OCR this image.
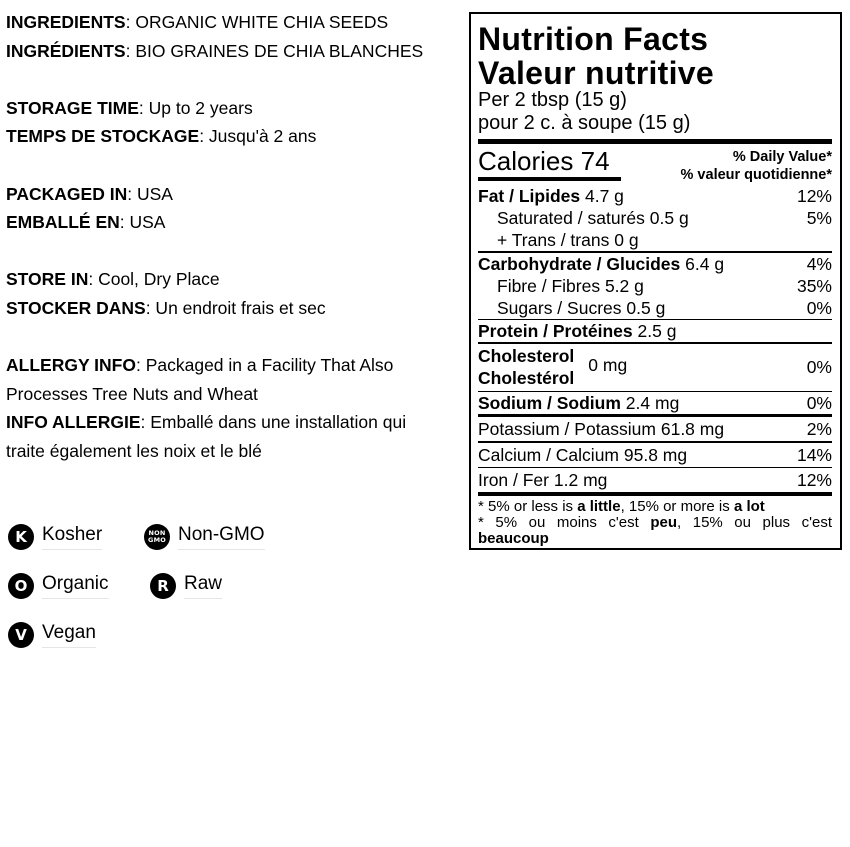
INGREDIENTS: ORGANIC WHITE CHIA SEEDS
INGRÉDIENTS: BIO GRAINES DE CHIA BLANCHES
STORAGE TIME: Up to 2 years
TEMPS DE STOCKAGE: Jusqu'à 2 ans
PACKAGED IN: USA
EMBALLÉ EN: USA
STORE IN: Cool, Dry Place
STOCKER DANS: Un endroit frais et sec
ALLERGY INFO: Packaged in a Facility That Also Processes Tree Nuts and Wheat
INFO ALLERGIE: Emballé dans une installation qui traite également les noix et le blé
K Kosher	NON
GMO Non-GMO
O Organic	R Raw
V Vegan
Nutrition Facts
Valeur nutritive
Per 2 tbsp (15 g)
pour 2 c. à soupe (15 g)
Calories 74	% Daily Value*
% valeur quotidienne*
Fat / Lipides 4.7 g	12%
Saturated / saturés 0.5 g	5%
+ Trans / trans 0 g
Carbohydrate / Glucides 6.4 g	4%
Fibre / Fibres 5.2 g	35%
Sugars / Sucres 0.5 g	0%
Protein / Protéines 2.5 g
Cholesterol
Cholestérol
0 mg	0%
Sodium / Sodium 2.4 mg	0%
Potassium / Potassium 61.8 mg	2%
Calcium / Calcium 95.8 mg	14%
Iron / Fer 1.2 mg	12%
* 5% or less is a little, 15% or more is a lot
* 5% ou moins c'est peu, 15% ou plus c'est beaucoup
